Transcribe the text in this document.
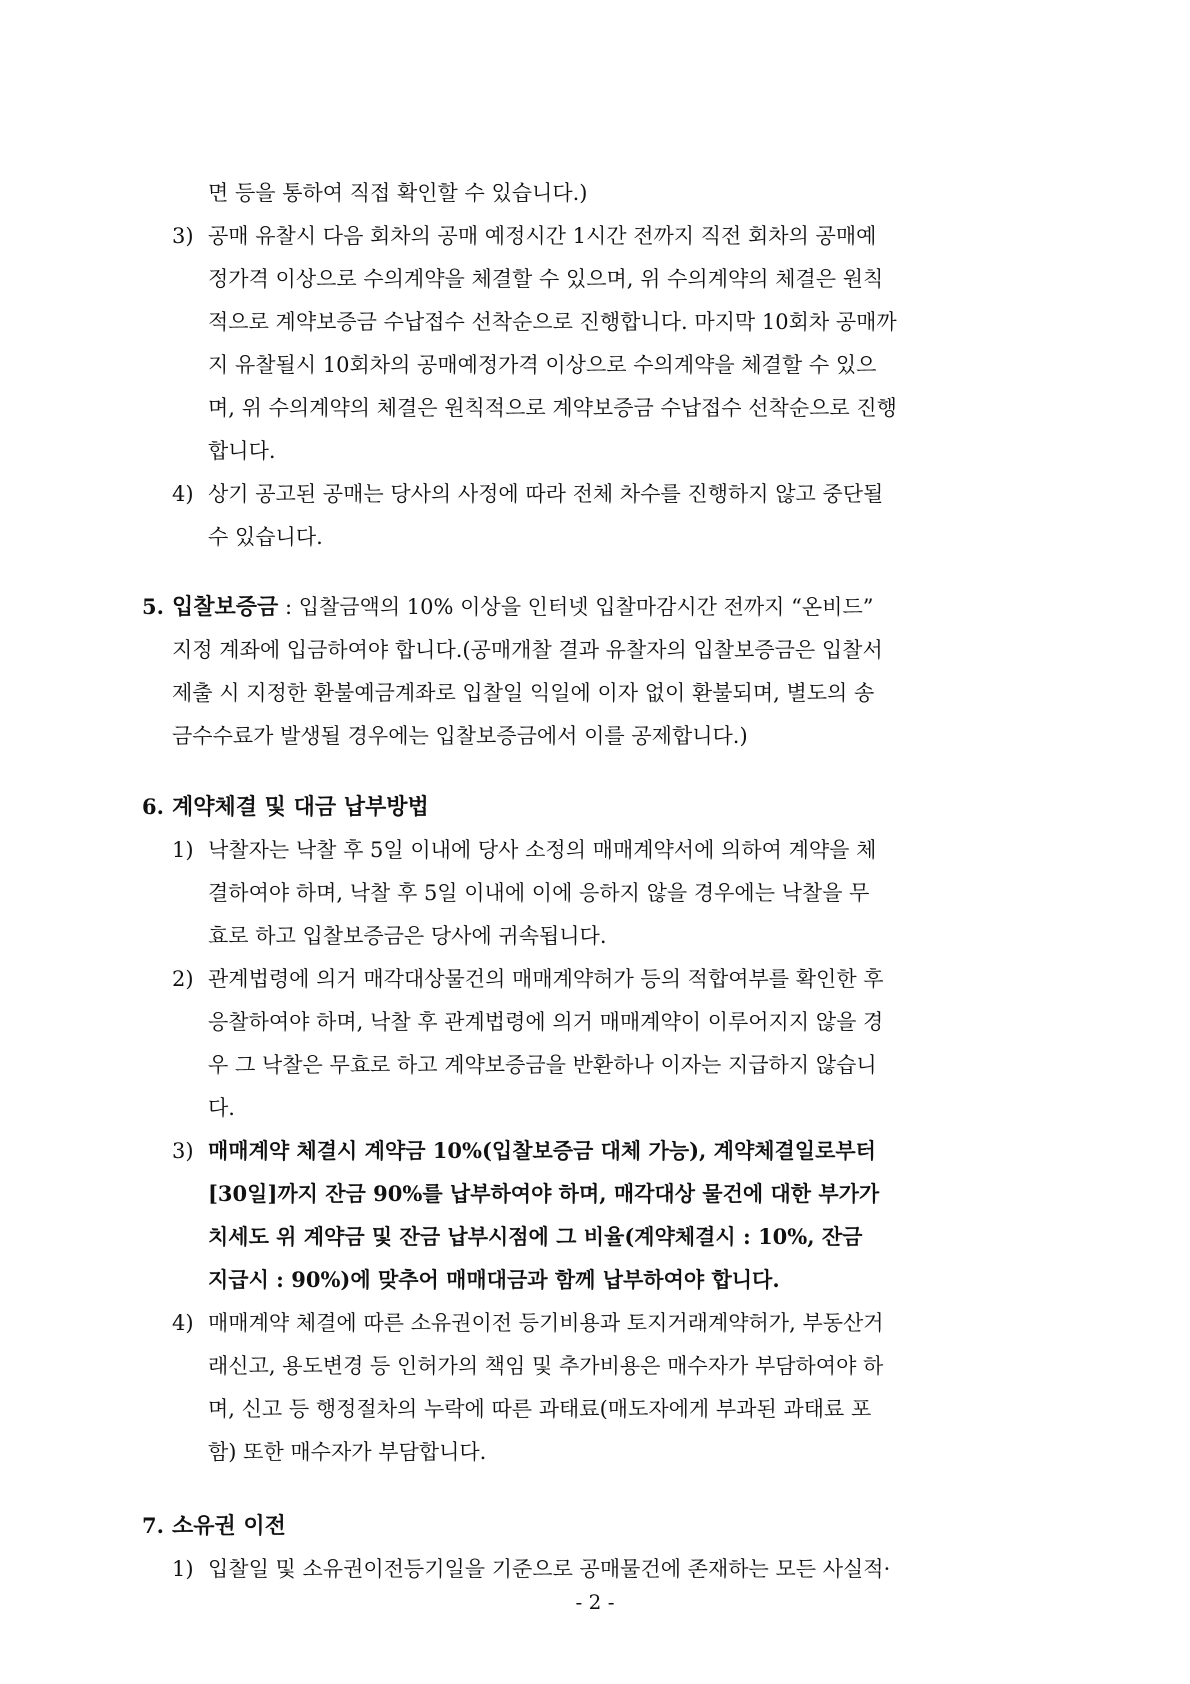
면 등을 통하여 직접 확인할 수 있습니다.)
3) 공매 유찰시 다음 회차의 공매 예정시간 1시간 전까지 직전 회차의 공매예
정가격 이상으로 수의계약을 체결할 수 있으며, 위 수의계약의 체결은 원칙
적으로 계약보증금 수납접수 선착순으로 진행합니다. 마지막 10회차 공매까
지 유찰될시 10회차의 공매예정가격 이상으로 수의계약을 체결할 수 있으
며, 위 수의계약의 체결은 원칙적으로 계약보증금 수납접수 선착순으로 진행
합니다.
4) 상기 공고된 공매는 당사의 사정에 따라 전체 차수를 진행하지 않고 중단될
수 있습니다.
5. 입찰보증금 : 입찰금액의 10% 이상을 인터넷 입찰마감시간 전까지 “온비드”
지정 계좌에 입금하여야 합니다.(공매개찰 결과 유찰자의 입찰보증금은 입찰서
제출 시 지정한 환불예금계좌로 입찰일 익일에 이자 없이 환불되며, 별도의 송
금수수료가 발생될 경우에는 입찰보증금에서 이를 공제합니다.)
6. 계약체결 및 대금 납부방법
1) 낙찰자는 낙찰 후 5일 이내에 당사 소정의 매매계약서에 의하여 계약을 체
결하여야 하며, 낙찰 후 5일 이내에 이에 응하지 않을 경우에는 낙찰을 무
효로 하고 입찰보증금은 당사에 귀속됩니다.
2) 관계법령에 의거 매각대상물건의 매매계약허가 등의 적합여부를 확인한 후
응찰하여야 하며, 낙찰 후 관계법령에 의거 매매계약이 이루어지지 않을 경
우 그 낙찰은 무효로 하고 계약보증금을 반환하나 이자는 지급하지 않습니
다.
3) 매매계약 체결시 계약금 10%(입찰보증금 대체 가능), 계약체결일로부터
[30일]까지 잔금 90%를 납부하여야 하며, 매각대상 물건에 대한 부가가
치세도 위 계약금 및 잔금 납부시점에 그 비율(계약체결시 : 10%, 잔금
지급시 : 90%)에 맞추어 매매대금과 함께 납부하여야 합니다.
4) 매매계약 체결에 따른 소유권이전 등기비용과 토지거래계약허가, 부동산거
래신고, 용도변경 등 인허가의 책임 및 추가비용은 매수자가 부담하여야 하
며, 신고 등 행정절차의 누락에 따른 과태료(매도자에게 부과된 과태료 포
함) 또한 매수자가 부담합니다.
7. 소유권 이전
1) 입찰일 및 소유권이전등기일을 기준으로 공매물건에 존재하는 모든 사실적·
- 2 -
